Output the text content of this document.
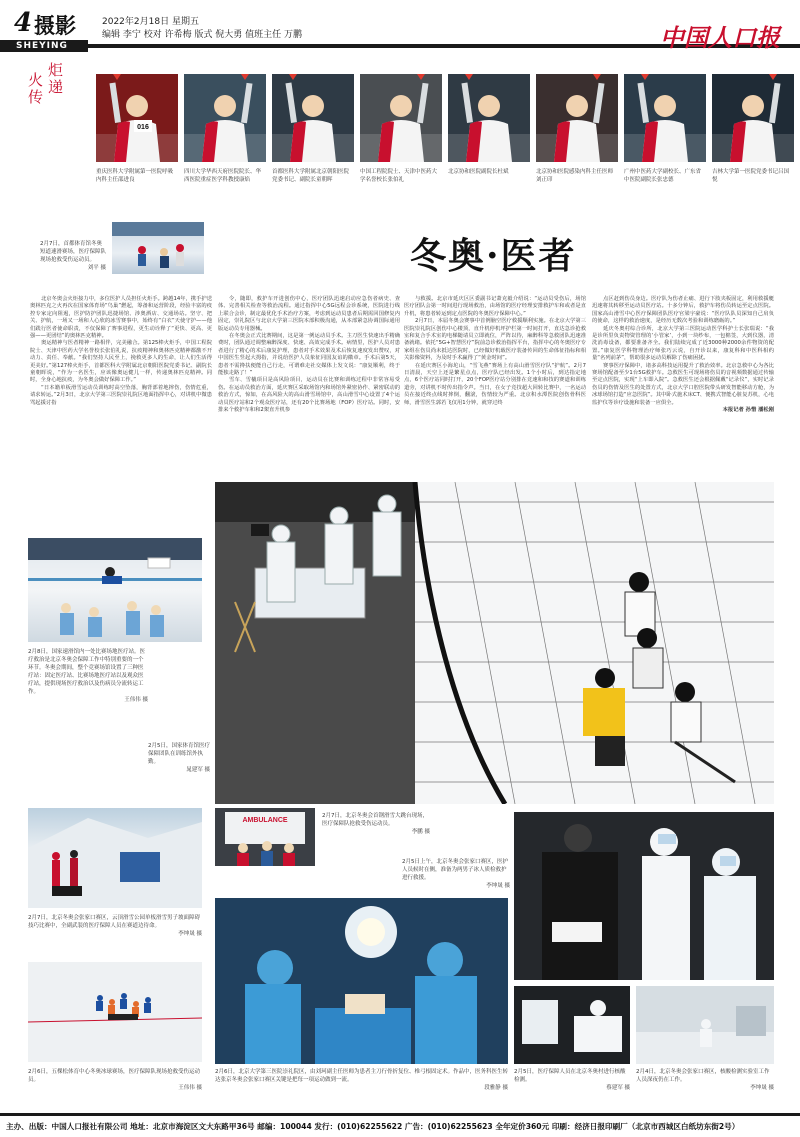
4 摄影	2022年2月18日 星期五
编辑 李宁 校对 许希梅 版式 倪大勇 值班主任 万鹏
SHEYING	中国人口报
火传
炬递
016
重庆医科大学附属第一医院呼吸内科主任邵进良
四川大学华西天府医院院长、华西医院重症医学科教授康焰
首都医科大学附属北京朝阳医院党委书记、副院长童朝晖
中国工程院院士、天津中医药大学名誉校长张伯礼
北京协和医院副院长杜斌	北京协和医院感染内科主任医师刘正印
广州中医药大学副校长、广东省中医院副院长张忠德
吉林大学第一医院党委书记吕国悦
冬奥·医者
2月7日，首都体育馆冬奥短道速滑赛场，医疗保障队现场抢救受伤运动员。
刘平 摄

北京冬奥会火炬接力中，多位医护人员担任火炬手。跨越14年，携手护送奥林匹克之火再次在国家体育场“鸟巢”燃起，筹备和运营阶段，经验丰富的疫控专家定向阻遏，医护防护团队迅捷场馆、涉奥酒店、交通场站。坚守、把关、护航，一场又一场和人心欣的冰雪赛事中，始终有“白衣”天使守护——他们践行医者使命职责，不仅保障了赛事进程，更生动诠释了“更快、更高、更强——更团结”的奥林匹克精神。

奥运精神与医者精神一路相伴，完美融合。第125棒火炬手，中国工程院院士、天津中医药大学名誉校长张伯礼说，抗疫精神和奥林匹克精神都激不开动力、责任、奉献。“我们坚持人民至上，挽救更多人的生命，让人们生活得更美好。”第127棒火炬手，首都医科大学附属北京朝阳医院党委书记、副院长童朝晖说，“作为一名医生，应该像奥运健儿一样，传递奥林匹克精神。同时，全身心地抗疫，为冬奥会做好保障工作。”

“日本籍单板滑雪运动员训练时高空坠落，胸背部着地摔伤，伤情危重，请求转运。”2月3日，北京大学第三医院崇礼院区地面指挥中心，对讲机中微患骂起援讨指

令，随即，救护车开进创伤中心，医疗团队迅速启动应急伤者病史、查体、完善相关检查等救治流程。通过指挥中心5G远程会诊系统，医院进行线上联合会诊，制定最优化手术治疗方案，考虑到运动员患者后期需回国修复内固定，崇礼院区与北京大学第三医院本部积极沟通，从本部紧急协调国际通用版运动员专用器械。

在冬奥会正式比赛期间，这是第一例运动员手术。主刀医生快速出手精确费时，团队通过调整麻醉深度、快速、高效完成手术。病情里，医护人员对患者进行了精心的术后康复护理，患者对手术效果及术后恢复速度发出赞叹，对中国医生竖起大拇指，并说给医护人员象征同国友谊的徽章。手术后第5天，患者不需搀扶便能自己行走，可谓难走社交媒体上发文说：“康复顺利，终于能独走路了！”

雪车、雪橇项目是高风险项目，运动员在比赛和训练过程中非常容易受伤。在运动员救治方面，延庆赛区采取场馆内和场馆外紧密协作、紧密联动的救治方式，惊如，在高风险大的高山滑雪场馆中，高山滑雪中心设置了4个运动员医疗站和2个观众医疗站，还有20个比赛场地（FOP）医疗站。同时，安排来个救护车和和2架直升机参

与救援。北京市延庆区区委副书记萧克毅介绍说：“运动员受伤后，场馆医疗团队会第一时间进行现场救治，由场馆的医疗经理安排救护车和或者是直升机，将患者转运到定点医院的冬奥医疗保障中心。”

2月7日，本届冬奥会赛事中首例脑空医疗救援顺利实施。在北京大学第三医院崇礼院区创伤中心楼顶，直升机停机坪护栏第一时间打开，直达急诊抢救室和复合手术室的电梯随请员立即就位，严阵以待，麻醉科等急救团队迅速准备就绪。依托“5G+智慧医疗”院前急诊救治指挥平台，指挥中心的冬奥医疗专家组在伤员尚未抵达医院时，已经做好机载医疗装备传回的生命体征指标和相关影像资料，为及时手术赢得了“黄金时间”。

在延庆赛区小海坨山，“雪飞燕”赛场上有高山滑雪医疗队“护航”。2月7日清晨，天空上还是繁星点点，医疗队已经出发。1个小时后，到达指定地点，6个医疗站同时打开，20个FOP医疗站分别排在竞速和和技的赛道和训练道旁，对讲机不时传出指令声。当日，在女子竞技超大回转比赛中，一名运动员在接近终点线时摔倒，翻滚，伤情较为严重。北京积水潭医院创伤骨科医师，滑雪医生郭若飞仅用1分钟，就穿过终

点区赶到伤员身边。医疗队为伤者止痛、进行下肢夹板固定，利用救援艇迅速将其转移至运动员医疗站。十多分钟后，救护车将伤员转运至定点医院。国家高山滑雪中心医疗保障团队医疗官梁宇豪说：“医疗队队员深知自己肩负的使命，这样的救治速度，是经历无数次考验和训练磨砺的。”

延庆冬奥村综合诊所，北京大学第三医院运动医学科护士长张瑞说：“我是诊所里负责物资管理的‘小管家’，小到一块纱布，一包棉签，大到仪器，清洗消毒设备，都要准备齐全。我们陆续完成了近3000种2000余件物资的配置。”康复医学科物理治疗师张巧云说，自开诊以来，康复科和中医科相约量“名列前茅”，帮助很多运动员解除了伤痛困扰。

赛事医疗保障中，诸多高科技运用提升了救治效率。北京急救中心为各比赛场馆配备至少1台5G救护车。急救医生可现场将伤员的音视频数据通过传输至定点医院，实现“上车即入院”。急救医生还会根据佩戴“记录仪”，实时记录伤员的伤情及医生的处置方式，北京大学口腔医院带头研发智能移动方舱，为冰球场馆打造“应急医院”。其中卧式施术床CT、便携式智能心脏复苏机，心电监护仪等诊疗设施和装备一应俱全。

本报记者 孙惜 潘松刚
2月8日，国家速滑馆内一处比赛场地医疗站。医疗救治是北京冬奥会保障工作中特别重要的一个环节。冬奥会期间，整个竞赛场馆设置了三种医疗站：固定医疗站、比赛场地医疗站以及观众医疗站，提供现场医疗救治以及伤病员分流转运工作。
王伟伟 摄
2月5日，国家体育馆医疗保障团队在训练馆外执勤。
晁建军 摄
2月7日，北京冬奥会张家口赛区，云顶滑雪公园单板滑雪男子坡面障碍技巧比赛中，全副武装的医疗保障人员在赛道边待命。
李坤晟 摄
2月6日，五棵松体育中心冬奥冰球赛场，医疗保障队现场抢救受伤运动员。
王伟伟 摄
AMBULANCE
2月7日，北京冬奥会首钢滑雪大跳台现场，医疗保障队抢救受伤运动员。
李鹏 摄
2月5日上午，北京冬奥会张家口赛区，医护人员候时在侧，准备为两男子冰人质检救护进行救援。
李坤晟 摄
2月6日，北京大学第三医院崇礼院区，由刘珂副主任医师为患者主刀行骨折复位、椎弓根固定术。作品中，医务科医生转达张京冬奥会张家口赛区关键是把每一项运动做到一流。
段雅静 摄
2月5日，医疗保障人员在北京冬奥村进行核酸检测。
蔡建军 摄
2月4日，北京冬奥会张家口赛区，核酸检测实验室工作人员深夜仍在工作。
李坤晟 摄
主办、出版：中国人口报社有限公司 地址：北京市海淀区文大东路甲36号 邮编：100044 发行：(010)62255622 广告：(010)62255623 全年定价360元 印刷：经济日报印刷厂（北京市西城区白纸坊东街2号）
